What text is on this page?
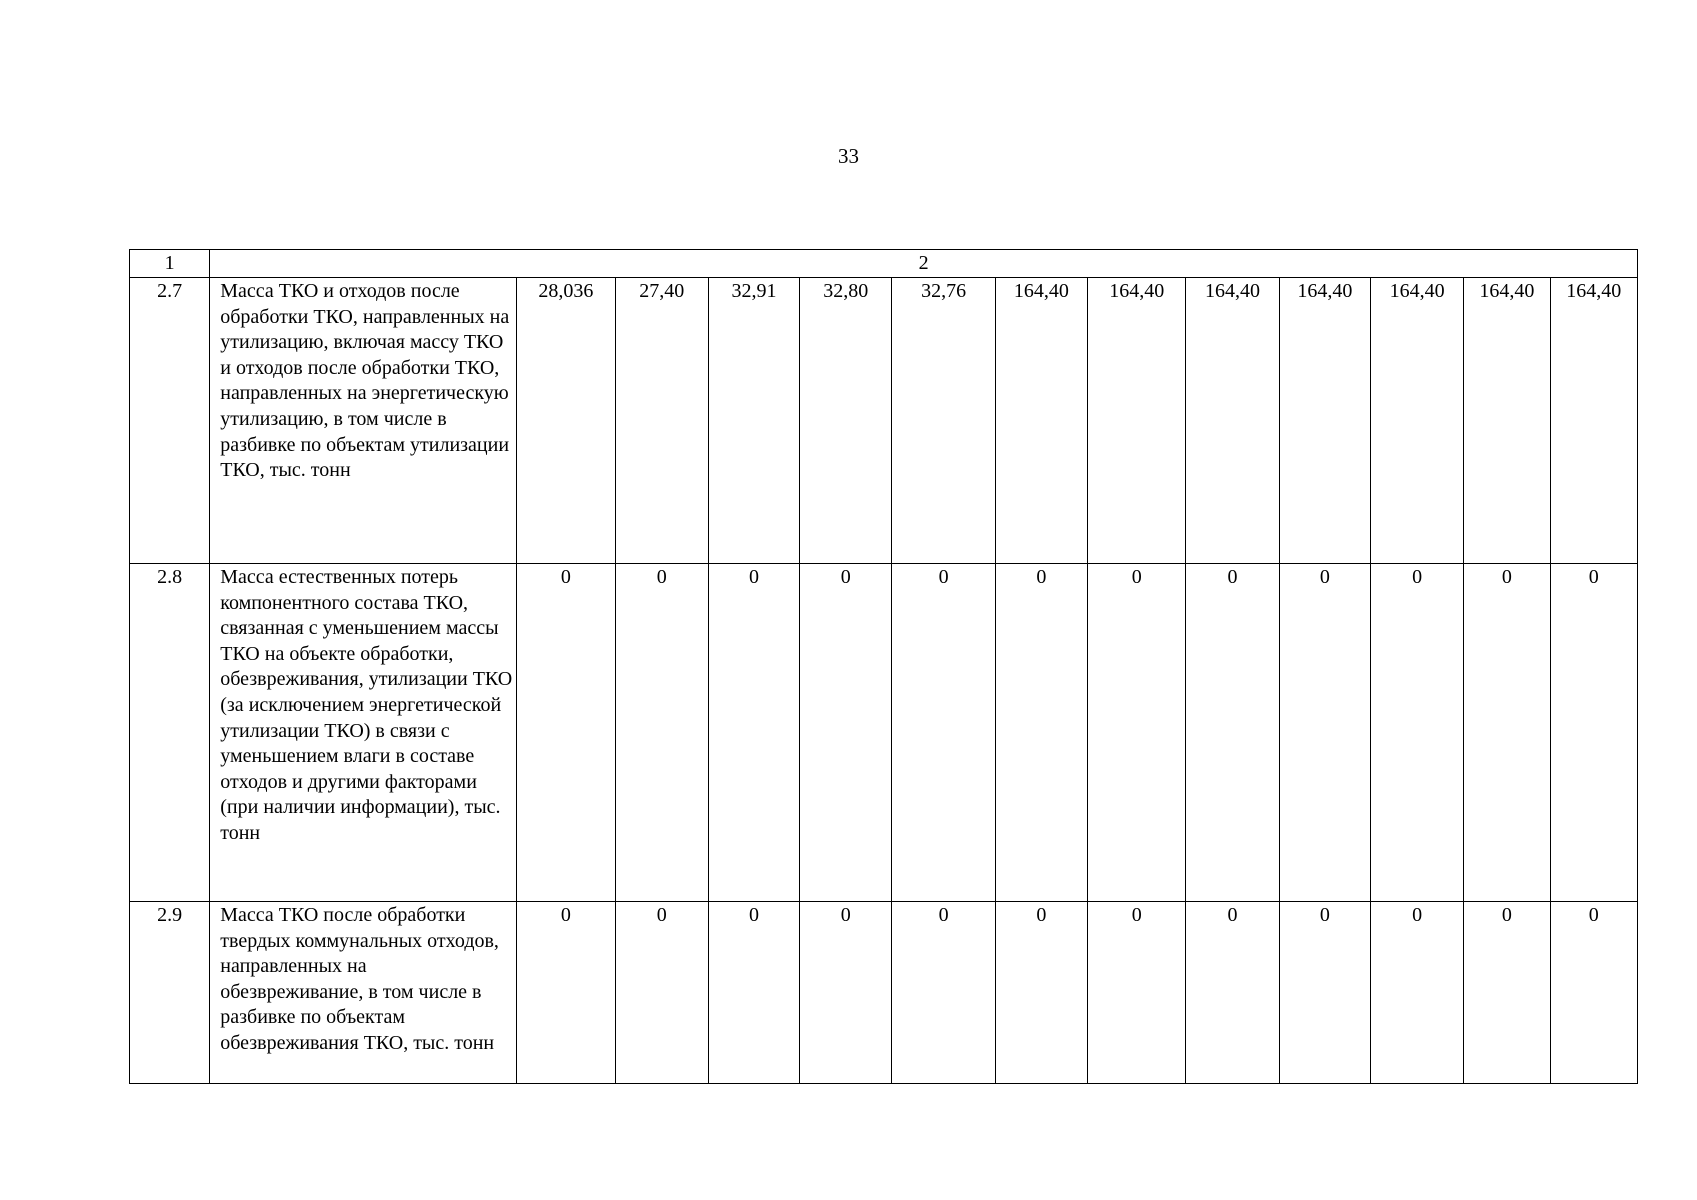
33
1	2												
2.7	Масса ТКО и отходов после обработки ТКО, направленных на утилизацию, включая массу ТКО и отходов после обработки ТКО, направленных на энергетическую утилизацию, в том числе в разбивке по объектам утилизации ТКО, тыс. тонн	28,036	27,40	32,91	32,80	32,76	164,40	164,40	164,40	164,40	164,40	164,40	164,40
2.8	Масса естественных потерь компонентного состава ТКО, связанная с уменьшением массы ТКО на объекте обработки, обезвреживания, утилизации ТКО (за исключением энергетической утилизации ТКО) в связи с уменьшением влаги в составе отходов и другими факторами (при наличии информации), тыс. тонн	0	0	0	0	0	0	0	0	0	0	0	0
2.9	Масса ТКО после обработки твердых коммунальных отходов, направленных на обезвреживание, в том числе в разбивке по объектам обезвреживания ТКО, тыс. тонн	0	0	0	0	0	0	0	0	0	0	0	0
